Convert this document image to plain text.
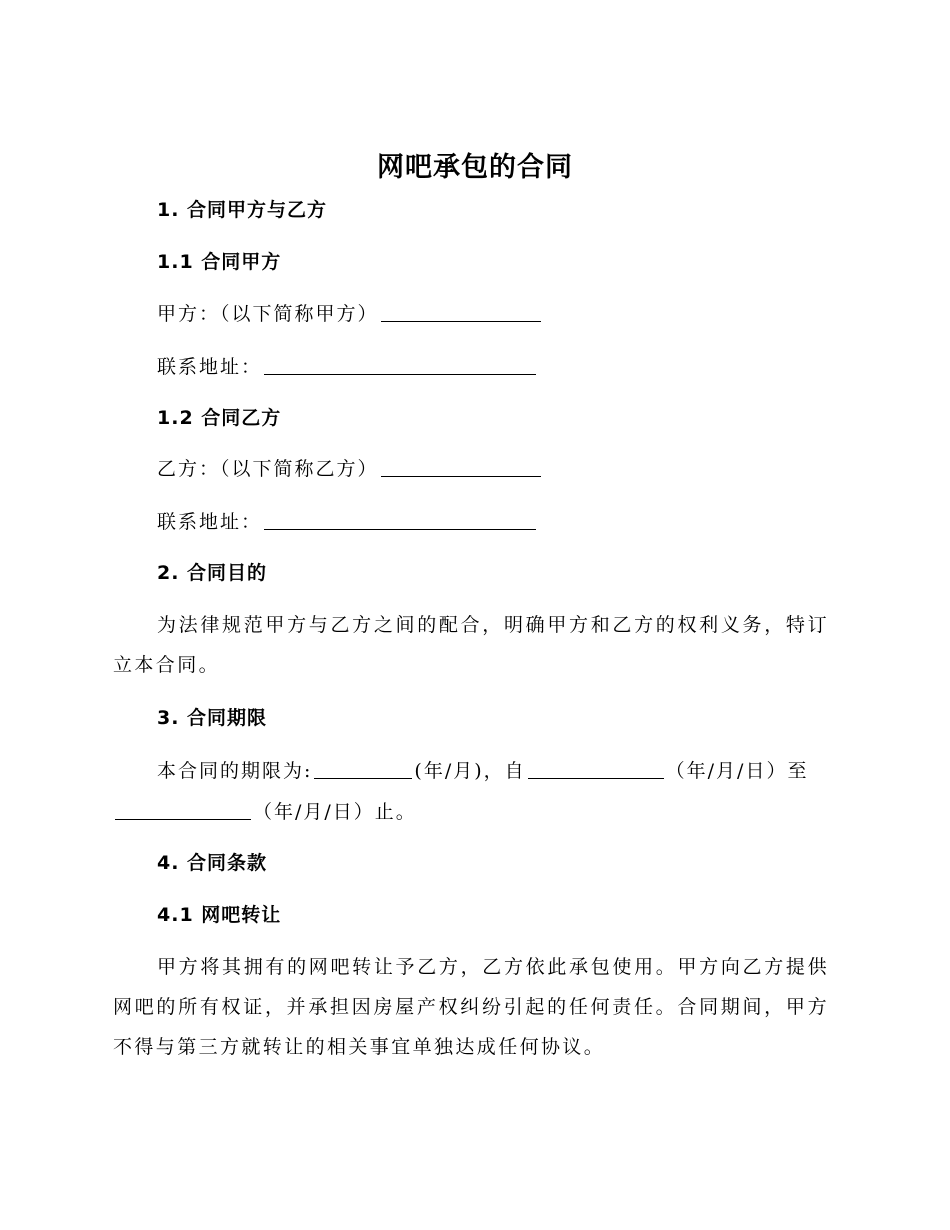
网吧承包的合同
1. 合同甲方与乙方
1.1 合同甲方
甲方：（以下简称甲方）
联系地址：
1.2 合同乙方
乙方：（以下简称乙方）
联系地址：
2. 合同目的
为法律规范甲方与乙方之间的配合，明确甲方和乙方的权利义务，特订立本合同。
3. 合同期限
本合同的期限为:	(年/月)，自	（年/月/日）至
（年/月/日）止。
4. 合同条款
4.1 网吧转让
甲方将其拥有的网吧转让予乙方，乙方依此承包使用。甲方向乙方提供网吧的所有权证，并承担因房屋产权纠纷引起的任何责任。合同期间，甲方不得与第三方就转让的相关事宜单独达成任何协议。
